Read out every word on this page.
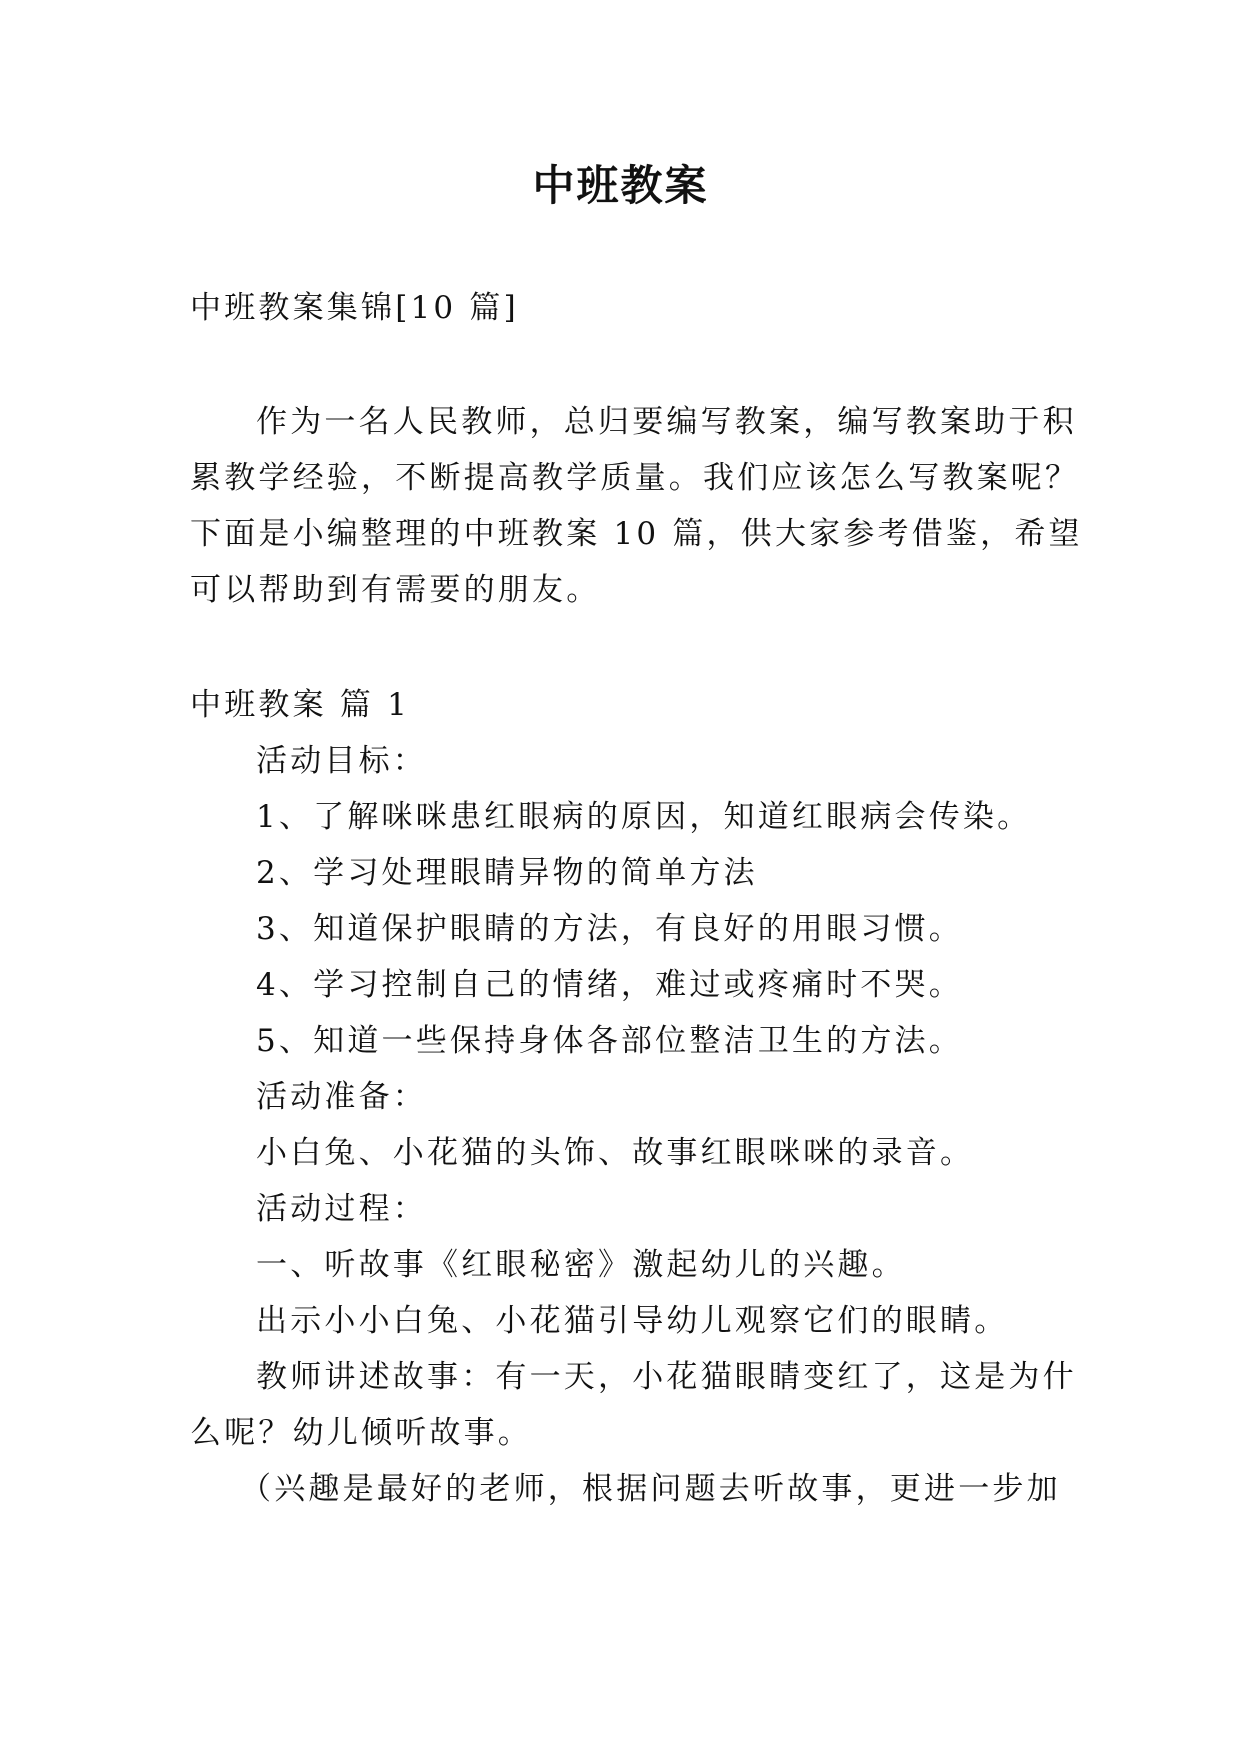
中班教案
中班教案集锦[10 篇]
作为一名人民教师，总归要编写教案，编写教案助于积
累教学经验，不断提高教学质量。我们应该怎么写教案呢？
下面是小编整理的中班教案 10 篇，供大家参考借鉴，希望
可以帮助到有需要的朋友。
中班教案 篇 1
活动目标：
1、了解咪咪患红眼病的原因，知道红眼病会传染。
2、学习处理眼睛异物的简单方法
3、知道保护眼睛的方法，有良好的用眼习惯。
4、学习控制自己的情绪，难过或疼痛时不哭。
5、知道一些保持身体各部位整洁卫生的方法。
活动准备：
小白兔、小花猫的头饰、故事红眼咪咪的录音。
活动过程：
一、听故事《红眼秘密》激起幼儿的兴趣。
出示小小白兔、小花猫引导幼儿观察它们的眼睛。
教师讲述故事：有一天，小花猫眼睛变红了，这是为什
么呢？幼儿倾听故事。
（兴趣是最好的老师，根据问题去听故事，更进一步加
